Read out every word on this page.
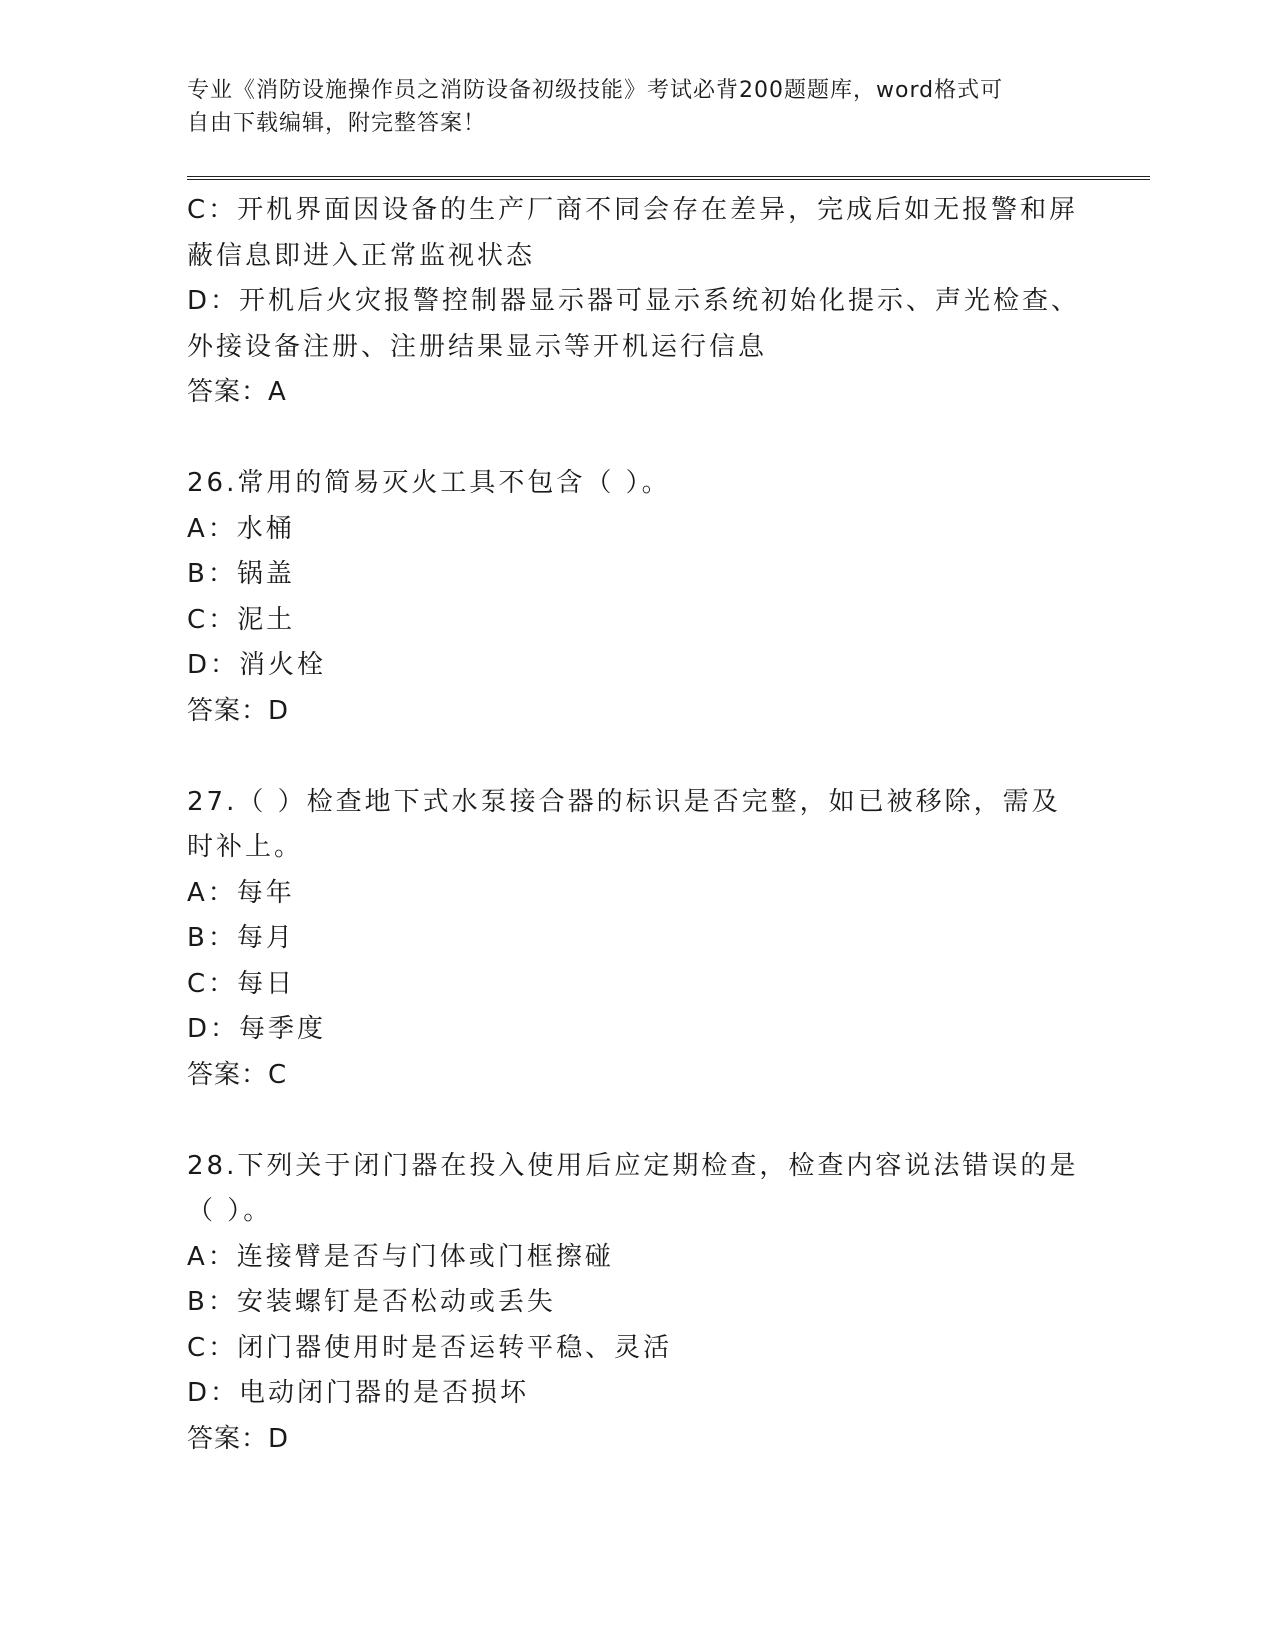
专业《消防设施操作员之消防设备初级技能》考试必背200题题库，word格式可
自由下载编辑，附完整答案！
C：开机界面因设备的生产厂商不同会存在差异，完成后如无报警和屏
蔽信息即进入正常监视状态
D：开机后火灾报警控制器显示器可显示系统初始化提示、声光检查、
外接设备注册、注册结果显示等开机运行信息
答案：A
26.常用的简易灭火工具不包含（ ）。
A：水桶
B：锅盖
C：泥土
D：消火栓
答案：D
27.（ ）检查地下式水泵接合器的标识是否完整，如已被移除，需及
时补上。
A：每年
B：每月
C：每日
D：每季度
答案：C
28.下列关于闭门器在投入使用后应定期检查，检查内容说法错误的是
（ ）。
A：连接臂是否与门体或门框擦碰
B：安装螺钉是否松动或丢失
C：闭门器使用时是否运转平稳、灵活
D：电动闭门器的是否损坏
答案：D
